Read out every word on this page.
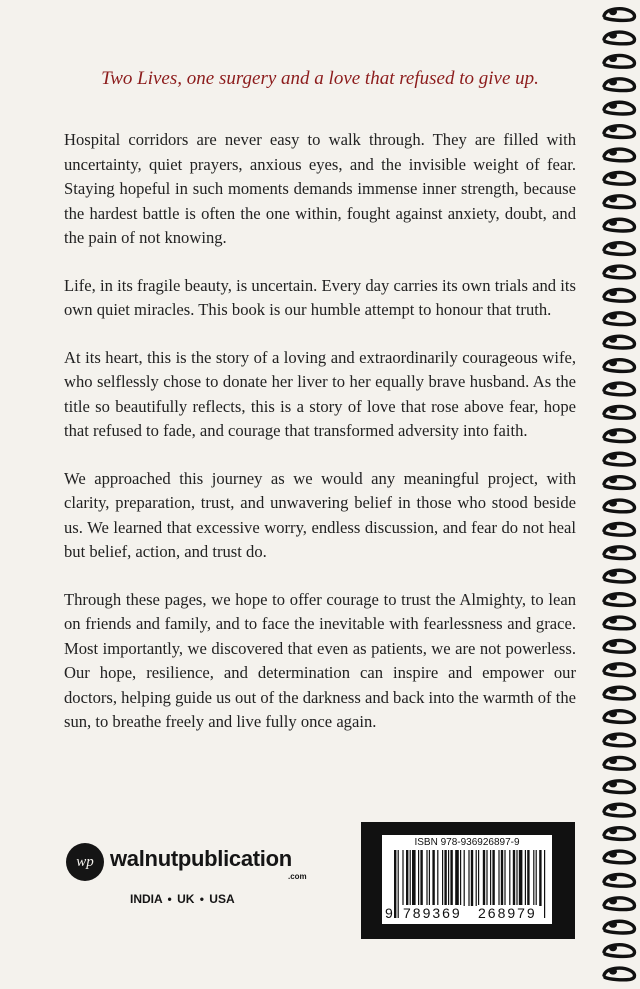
Two Lives, one surgery and a love that refused to give up.

Hospital corridors are never easy to walk through. They are filled with uncertainty, quiet prayers, anxious eyes, and the invisible weight of fear. Staying hopeful in such moments demands immense inner strength, because the hardest battle is often the one within, fought against anxiety, doubt, and the pain of not knowing.

Life, in its fragile beauty, is uncertain. Every day carries its own trials and its own quiet miracles. This book is our humble attempt to honour that truth.

At its heart, this is the story of a loving and extraordinarily courageous wife, who selflessly chose to donate her liver to her equally brave husband. As the title so beautifully reflects, this is a story of love that rose above fear, hope that refused to fade, and courage that transformed adversity into faith.

We approached this journey as we would any meaningful project, with clarity, preparation, trust, and unwavering belief in those who stood beside us. We learned that excessive worry, endless discussion, and fear do not heal but belief, action, and trust do.

Through these pages, we hope to offer courage to trust the Almighty, to lean on friends and family, and to face the inevitable with fearlessness and grace. Most importantly, we discovered that even as patients, we are not powerless. Our hope, resilience, and determination can inspire and empower our doctors, helping guide us out of the darkness and back into the warmth of the sun, to breathe freely and live fully once again.

wp walnutpublication
.com
INDIA • UK • USA
ISBN 978-936926897-9
9 789369 268979
